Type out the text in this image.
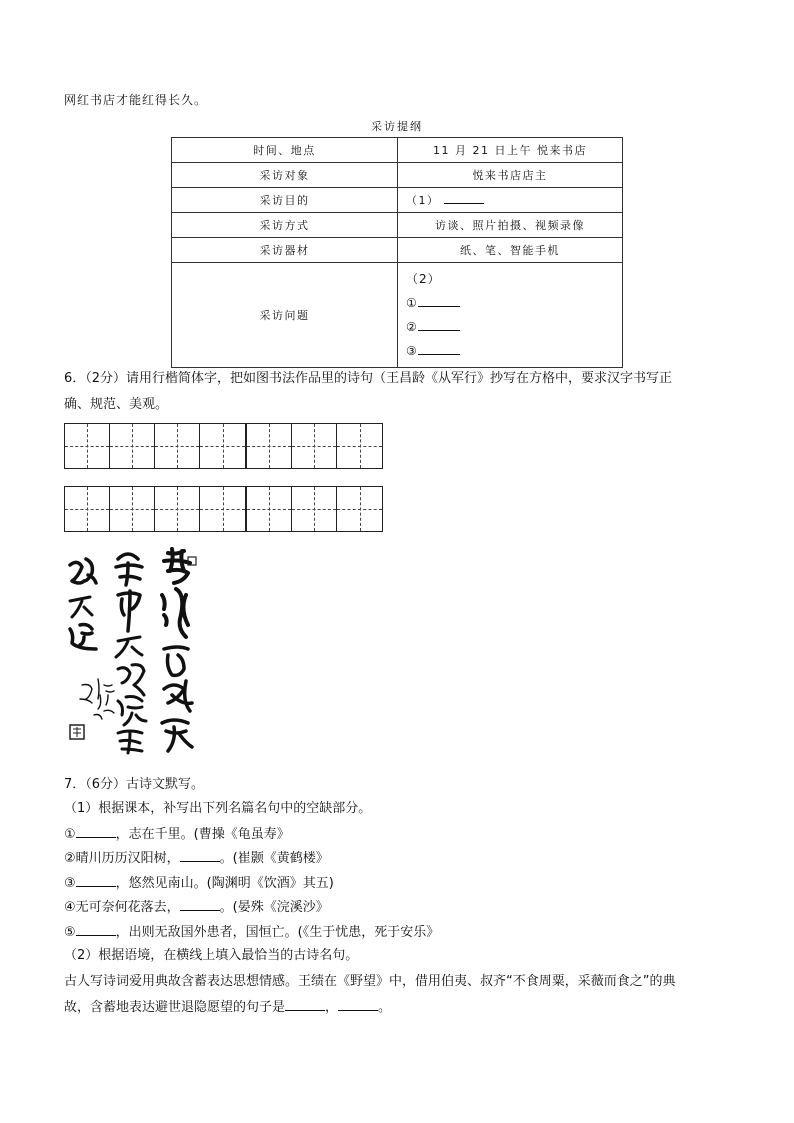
网红书店才能红得长久。
采访提纲
时间、地点	11 月 21 日上午 悦来书店
采访对象	悦来书店店主
采访目的	（1）
采访方式	访谈、照片拍摄、视频录像
采访器材	纸、笔、智能手机
采访问题	（2）
①
②
③
6．（2分）请用行楷简体字，把如图书法作品里的诗句（王昌龄《从军行》抄写在方格中，要求汉字书写正
确、规范、美观。
7．（6分）古诗文默写。
（1）根据课本，补写出下列名篇名句中的空缺部分。
①	，志在千里。(曹操《龟虽寿》
②晴川历历汉阳树，	。(崔颢《黄鹤楼》
③	，悠然见南山。(陶渊明《饮酒》其五)
④无可奈何花落去，	。(晏殊《浣溪沙》
⑤	，出则无敌国外患者，国恒亡。(《生于忧患，死于安乐》
（2）根据语境，在横线上填入最恰当的古诗名句。
古人写诗词爱用典故含蓄表达思想情感。王绩在《野望》中，借用伯夷、叔齐“不食周粟，采薇而食之”的典
故，含蓄地表达避世退隐愿望的句子是	，	。
